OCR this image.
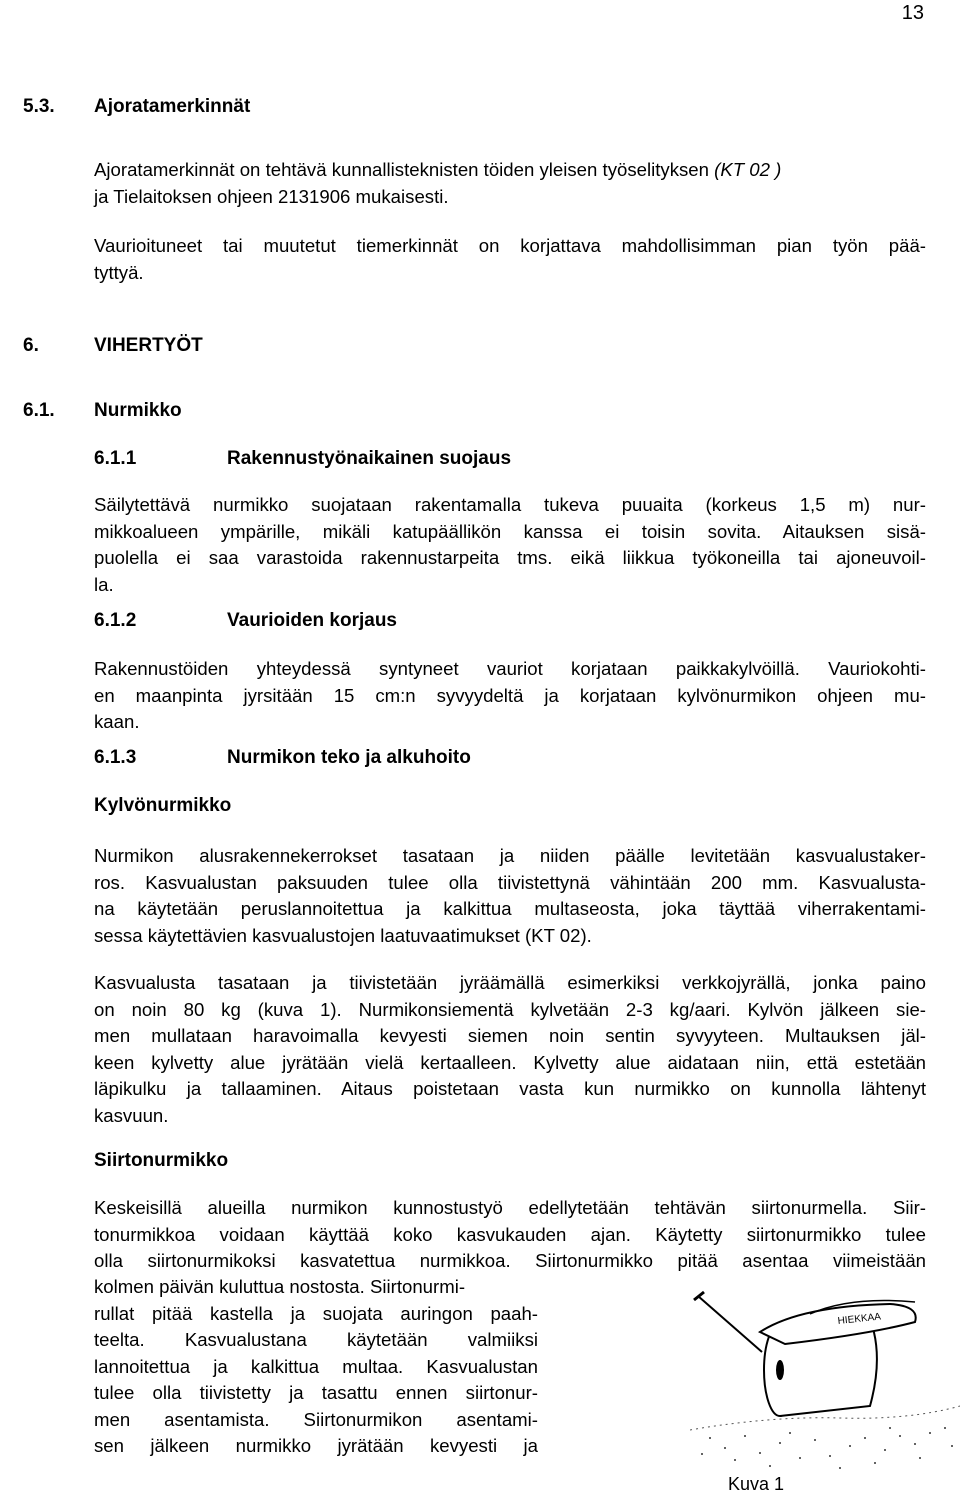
13
5.3. Ajoratamerkinnät
Ajoratamerkinnät on tehtävä kunnallisteknisten töiden yleisen työselityksen (KT 02 )
ja Tielaitoksen ohjeen 2131906 mukaisesti.
Vaurioituneet tai muutetut tiemerkinnät on korjattava mahdollisimman pian työn pää-
tyttyä.
6.	VIHERTYÖT
6.1. Nurmikko
6.1.1	Rakennustyönaikainen suojaus
Säilytettävä nurmikko suojataan rakentamalla tukeva puuaita (korkeus 1,5 m) nur-
mikkoalueen ympärille, mikäli katupäällikön kanssa ei toisin sovita. Aitauksen sisä-
puolella ei saa varastoida rakennustarpeita tms. eikä liikkua työkoneilla tai ajoneuvoil-
la.
6.1.2	Vaurioiden korjaus
Rakennustöiden yhteydessä syntyneet vauriot korjataan paikkakylvöillä. Vauriokohti-
en maanpinta jyrsitään 15 cm:n syvyydeltä ja korjataan kylvönurmikon ohjeen mu-
kaan.
6.1.3	Nurmikon teko ja alkuhoito
Kylvönurmikko
Nurmikon alusrakennekerrokset tasataan ja niiden päälle levitetään kasvualustaker-
ros. Kasvualustan paksuuden tulee olla tiivistettynä vähintään 200 mm. Kasvualusta-
na käytetään peruslannoitettua ja kalkittua multaseosta, joka täyttää viherrakentami-
sessa käytettävien kasvualustojen laatuvaatimukset (KT 02).
Kasvualusta tasataan ja tiivistetään jyräämällä esimerkiksi verkkojyrällä, jonka paino
on noin 80 kg (kuva 1). Nurmikonsiementä kylvetään 2-3 kg/aari. Kylvön jälkeen sie-
men mullataan haravoimalla kevyesti siemen noin sentin syvyyteen. Multauksen jäl-
keen kylvetty alue jyrätään vielä kertaalleen. Kylvetty alue aidataan niin, että estetään
läpikulku ja tallaaminen. Aitaus poistetaan vasta kun nurmikko on kunnolla lähtenyt
kasvuun.
Siirtonurmikko
Keskeisillä alueilla nurmikon kunnostustyö edellytetään tehtävän siirtonurmella. Siir-
tonurmikkoa voidaan käyttää koko kasvukauden ajan. Käytetty siirtonurmikko tulee
olla siirtonurmikoksi kasvatettua nurmikkoa. Siirtonurmikko pitää asentaa viimeistään
kolmen päivän kuluttua nostosta. Siirtonurmi-
rullat pitää kastella ja suojata auringon paah-
teelta. Kasvualustana käytetään valmiiksi
lannoitettua ja kalkittua multaa. Kasvualustan
tulee olla tiivistetty ja tasattu ennen siirtonur-
men asentamista. Siirtonurmikon asentami-
sen jälkeen nurmikko jyrätään kevyesti ja
HIEKKAA
Kuva 1
